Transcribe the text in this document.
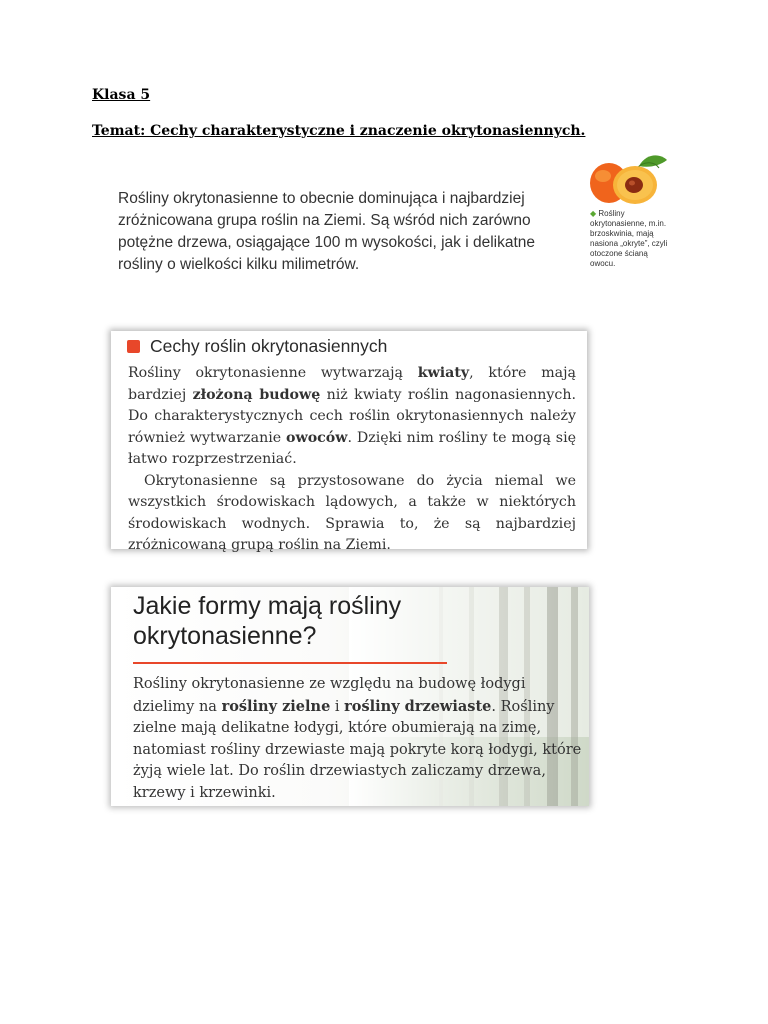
Klasa 5
Temat: Cechy charakterystyczne i znaczenie okrytonasiennych.
Rośliny okrytonasienne to obecnie dominująca i najbardziej zróżnicowana grupa roślin na Ziemi. Są wśród nich zarówno potężne drzewa, osiągające 100 m wysokości, jak i delikatne rośliny o wielkości kilku milimetrów.
◆ Rośliny okrytonasienne, m.in. brzoskwinia, mają nasiona „okryte”, czyli otoczone ścianą owocu.
Cechy roślin okrytonasiennych

Rośliny okrytonasienne wytwarzają kwiaty, które mają bardziej złożoną budowę niż kwiaty roślin nagonasiennych. Do charakterystycznych cech roślin okrytonasiennych należy również wytwarzanie owoców. Dzięki nim rośliny te mogą się łatwo rozprzestrzeniać.

Okrytonasienne są przystosowane do życia niemal we wszystkich środowiskach lądowych, a także w niektórych środowiskach wodnych. Sprawia to, że są najbardziej zróżnicowaną grupą roślin na Ziemi.

Jakie formy mają rośliny okrytonasienne?
Rośliny okrytonasienne ze względu na budowę łodygi dzielimy na rośliny zielne i rośliny drzewiaste. Rośliny zielne mają delikatne łodygi, które obumierają na zimę, natomiast rośliny drzewiaste mają pokryte korą łodygi, które żyją wiele lat. Do roślin drzewiastych zaliczamy drzewa, krzewy i krzewinki.
